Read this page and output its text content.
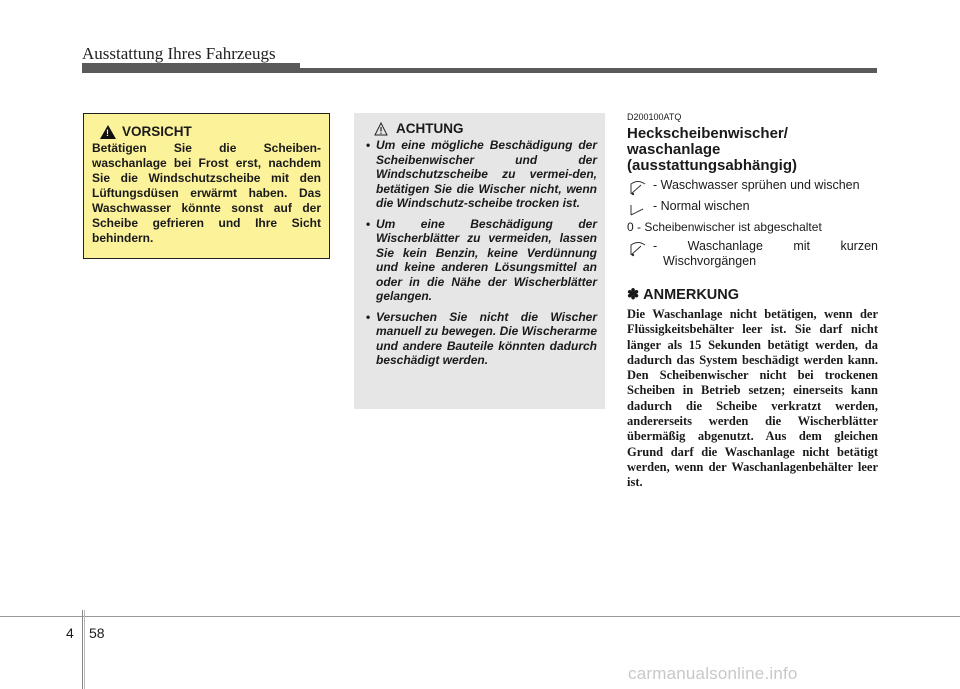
Ausstattung Ihres Fahrzeugs
! VORSICHT

Betätigen Sie die Scheiben-waschanlage bei Frost erst, nachdem Sie die Windschutzscheibe mit den Lüftungsdüsen erwärmt haben. Das Waschwasser könnte sonst auf der Scheibe gefrieren und Ihre Sicht behindern.

ACHTUNG
• Um eine mögliche Beschädigung der Scheibenwischer und der Windschutzscheibe zu vermei-den, betätigen Sie die Wischer nicht, wenn die Windschutz-scheibe trocken ist.
• Um eine Beschädigung der Wischerblätter zu vermeiden, lassen Sie kein Benzin, keine Verdünnung und keine anderen Lösungsmittel an oder in die Nähe der Wischerblätter gelangen.
• Versuchen Sie nicht die Wischer manuell zu bewegen. Die Wischerarme und andere Bauteile könnten dadurch beschädigt werden.
D200100ATQ
Heckscheibenwischer/
waschanlage
(ausstattungsabhängig)
- Waschwasser sprühen und wischen
- Normal wischen
0 - Scheibenwischer ist abgeschaltet
- Waschanlage mit kurzen Wischvorgängen
✽ ANMERKUNG
Die Waschanlage nicht betätigen, wenn der Flüssigkeitsbehälter leer ist. Sie darf nicht länger als 15 Sekunden betätigt werden, da dadurch das System beschädigt werden kann. Den Scheibenwischer nicht bei trockenen Scheiben in Betrieb setzen; einerseits kann dadurch die Scheibe verkratzt werden, andererseits werden die Wischerblätter übermäßig abgenutzt. Aus dem gleichen Grund darf die Waschanlage nicht betätigt werden, wenn der Waschanlagenbehälter leer ist.
4 58
carmanualsonline.info
